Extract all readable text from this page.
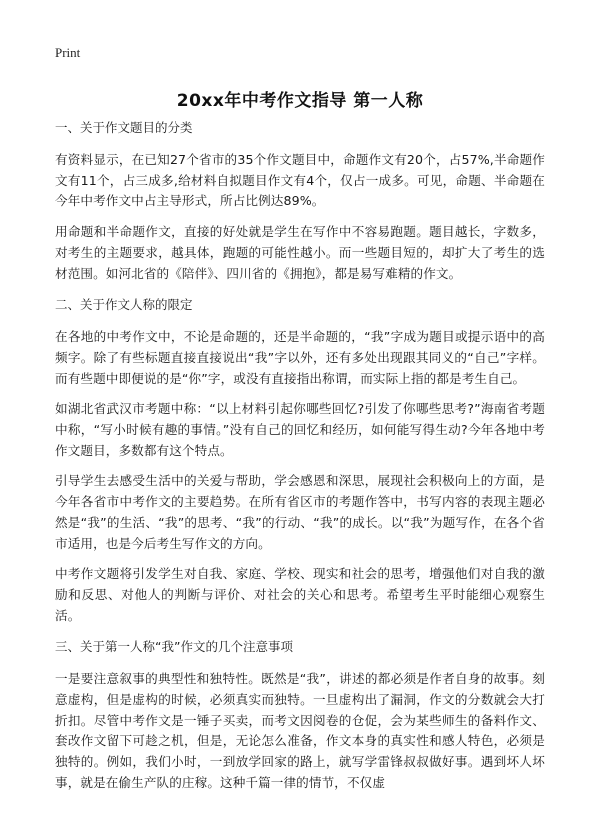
Print
20xx年中考作文指导 第一人称

一、关于作文题目的分类

有资料显示，在已知27个省市的35个作文题目中，命题作文有20个，占57%,半命题作文有11个，占三成多,给材料自拟题目作文有4个，仅占一成多。可见，命题、半命题在今年中考作文中占主导形式，所占比例达89%。

用命题和半命题作文，直接的好处就是学生在写作中不容易跑题。题目越长，字数多，对考生的主题要求，越具体，跑题的可能性越小。而一些题目短的，却扩大了考生的选材范围。如河北省的《陪伴》、四川省的《拥抱》，都是易写难精的作文。

二、关于作文人称的限定

在各地的中考作文中，不论是命题的，还是半命题的，“我”字成为题目或提示语中的高频字。除了有些标题直接直接说出“我”字以外，还有多处出现跟其同义的“自己”字样。而有些题中即便说的是“你”字，或没有直接指出称谓，而实际上指的都是考生自己。

如湖北省武汉市考题中称：“以上材料引起你哪些回忆?引发了你哪些思考?”海南省考题中称，“写小时候有趣的事情。”没有自己的回忆和经历，如何能写得生动?今年各地中考作文题目，多数都有这个特点。

引导学生去感受生活中的关爱与帮助，学会感恩和深思，展现社会积极向上的方面，是今年各省市中考作文的主要趋势。在所有省区市的考题作答中，书写内容的表现主题必然是“我”的生活、“我”的思考、“我”的行动、“我”的成长。以“我”为题写作，在各个省市适用，也是今后考生写作文的方向。

中考作文题将引发学生对自我、家庭、学校、现实和社会的思考，增强他们对自我的激励和反思、对他人的判断与评价、对社会的关心和思考。希望考生平时能细心观察生活。

三、关于第一人称“我”作文的几个注意事项

一是要注意叙事的典型性和独特性。既然是“我”，讲述的都必须是作者自身的故事。刻意虚构，但是虚构的时候，必须真实而独特。一旦虚构出了漏洞，作文的分数就会大打折扣。尽管中考作文是一锤子买卖，而考文因阅卷的仓促，会为某些师生的备料作文、套改作文留下可趁之机，但是，无论怎么准备，作文本身的真实性和感人特色，必须是独特的。例如，我们小时，一到放学回家的路上，就写学雷锋叔叔做好事。遇到坏人坏事，就是在偷生产队的庄稼。这种千篇一律的情节，不仅虚
